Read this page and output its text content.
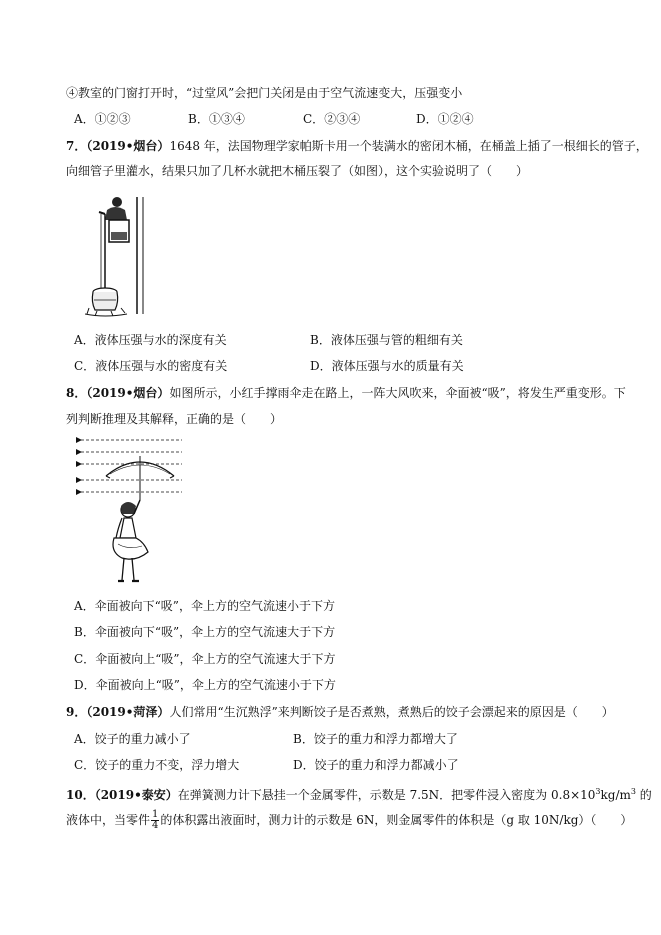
④教室的门窗打开时，“过堂风”会把门关闭是由于空气流速变大，压强变小
A．①②③	B．①③④	C．②③④	D．①②④
7．（2019•烟台）1648 年，法国物理学家帕斯卡用一个装满水的密闭木桶，在桶盖上插了一根细长的管子，
向细管子里灌水，结果只加了几杯水就把木桶压裂了（如图），这个实验说明了（　　）
A．液体压强与水的深度有关	B．液体压强与管的粗细有关
C．液体压强与水的密度有关	D．液体压强与水的质量有关
8．（2019•烟台）如图所示，小红手撑雨伞走在路上，一阵大风吹来，伞面被“吸”，将发生严重变形。下
列判断推理及其解释，正确的是（　　）
A．伞面被向下“吸”，伞上方的空气流速小于下方
B．伞面被向下“吸”，伞上方的空气流速大于下方
C．伞面被向上“吸”，伞上方的空气流速大于下方
D．伞面被向上“吸”，伞上方的空气流速小于下方
9．（2019•菏泽）人们常用“生沉熟浮”来判断饺子是否煮熟，煮熟后的饺子会漂起来的原因是（　　）
A．饺子的重力减小了	B．饺子的重力和浮力都增大了
C．饺子的重力不变，浮力增大	D．饺子的重力和浮力都减小了
10．（2019•泰安）在弹簧测力计下悬挂一个金属零件，示数是 7.5N．把零件浸入密度为 $0.8\times 10^3kg/m^3$ 的
液体中，当零件 $\frac{1}{4}$ 的体积露出液面时，测力计的示数是 6N，则金属零件的体积是（g 取 10N/kg）（　　）
